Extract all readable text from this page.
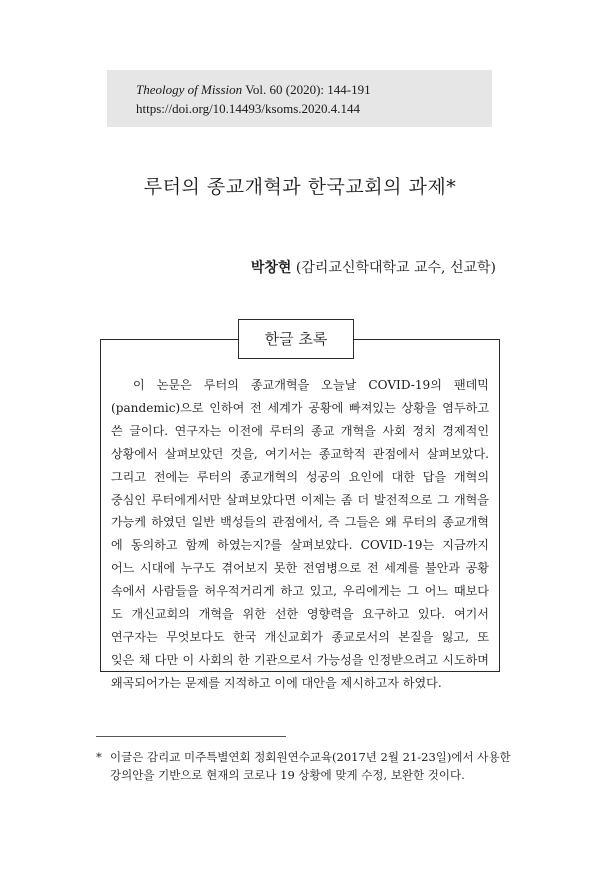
Theology of Mission Vol. 60 (2020): 144-191
https://doi.org/10.14493/ksoms.2020.4.144
루터의 종교개혁과 한국교회의 과제*
박창현 (감리교신학대학교 교수, 선교학)
한글 초록
이 논문은 루터의 종교개혁을 오늘날 COVID-19의 팬데믹
(pandemic)으로 인하여 전 세계가 공황에 빠져있는 상황을 염두하고
쓴 글이다. 연구자는 이전에 루터의 종교 개혁을 사회 정치 경제적인
상황에서 살펴보았던 것을, 여기서는 종교학적 관점에서 살펴보았다.
그리고 전에는 루터의 종교개혁의 성공의 요인에 대한 답을 개혁의
중심인 루터에게서만 살펴보았다면 이제는 좀 더 발전적으로 그 개혁을
가능케 하였던 일반 백성들의 관점에서, 즉 그들은 왜 루터의 종교개혁
에 동의하고 함께 하였는지?를 살펴보았다. COVID-19는 지금까지
어느 시대에 누구도 겪어보지 못한 전염병으로 전 세계를 불안과 공황
속에서 사람들을 허우적거리게 하고 있고, 우리에게는 그 어느 때보다
도 개신교회의 개혁을 위한 선한 영향력을 요구하고 있다. 여기서
연구자는 무엇보다도 한국 개신교회가 종교로서의 본질을 잃고, 또
잊은 채 다만 이 사회의 한 기관으로서 가능성을 인정받으려고 시도하며
왜곡되어가는 문제를 지적하고 이에 대안을 제시하고자 하였다.
* 이글은 감리교 미주특별연회 정회원연수교육(2017년 2월 21-23일)에서 사용한
강의안을 기반으로 현재의 코로나 19 상황에 맞게 수정, 보완한 것이다.
